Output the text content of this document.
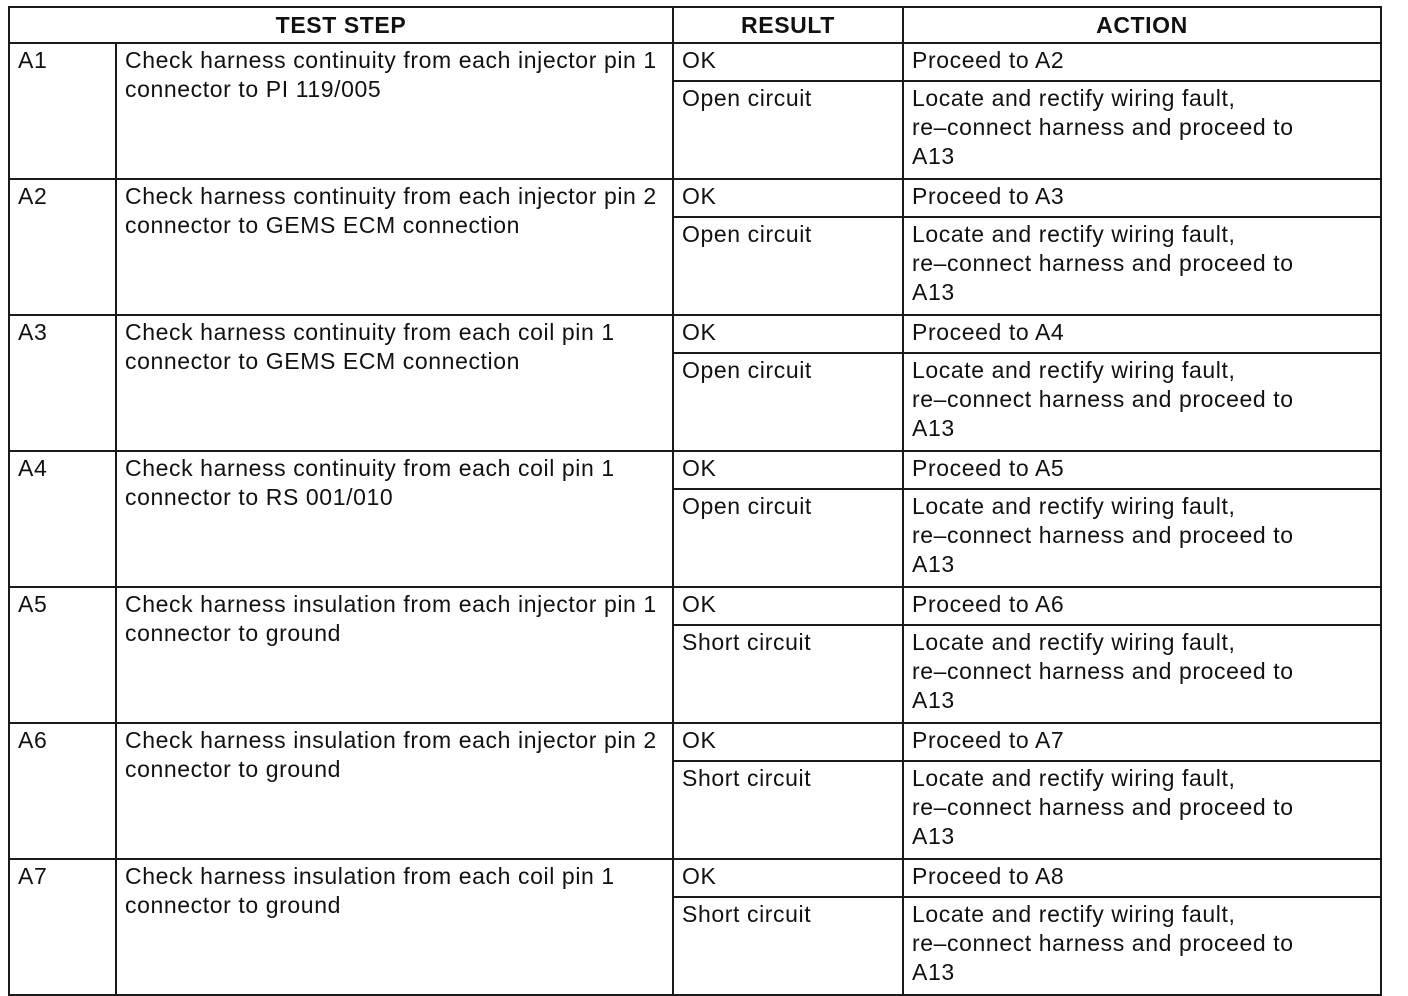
TEST STEP		RESULT	ACTION
A1	Check harness continuity from each injector pin 1 connector to PI 119/005	OK	Proceed to A2
		Open circuit	Locate and rectify wiring fault,
re–connect harness and proceed to
A13
A2	Check harness continuity from each injector pin 2 connector to GEMS ECM connection	OK	Proceed to A3
		Open circuit	Locate and rectify wiring fault,
re–connect harness and proceed to
A13
A3	Check harness continuity from each coil pin 1 connector to GEMS ECM connection	OK	Proceed to A4
		Open circuit	Locate and rectify wiring fault,
re–connect harness and proceed to
A13
A4	Check harness continuity from each coil pin 1 connector to RS 001/010	OK	Proceed to A5
		Open circuit	Locate and rectify wiring fault,
re–connect harness and proceed to
A13
A5	Check harness insulation from each injector pin 1 connector to ground	OK	Proceed to A6
		Short circuit	Locate and rectify wiring fault,
re–connect harness and proceed to
A13
A6	Check harness insulation from each injector pin 2 connector to ground	OK	Proceed to A7
		Short circuit	Locate and rectify wiring fault,
re–connect harness and proceed to
A13
A7	Check harness insulation from each coil pin 1 connector to ground	OK	Proceed to A8
		Short circuit	Locate and rectify wiring fault,
re–connect harness and proceed to
A13
